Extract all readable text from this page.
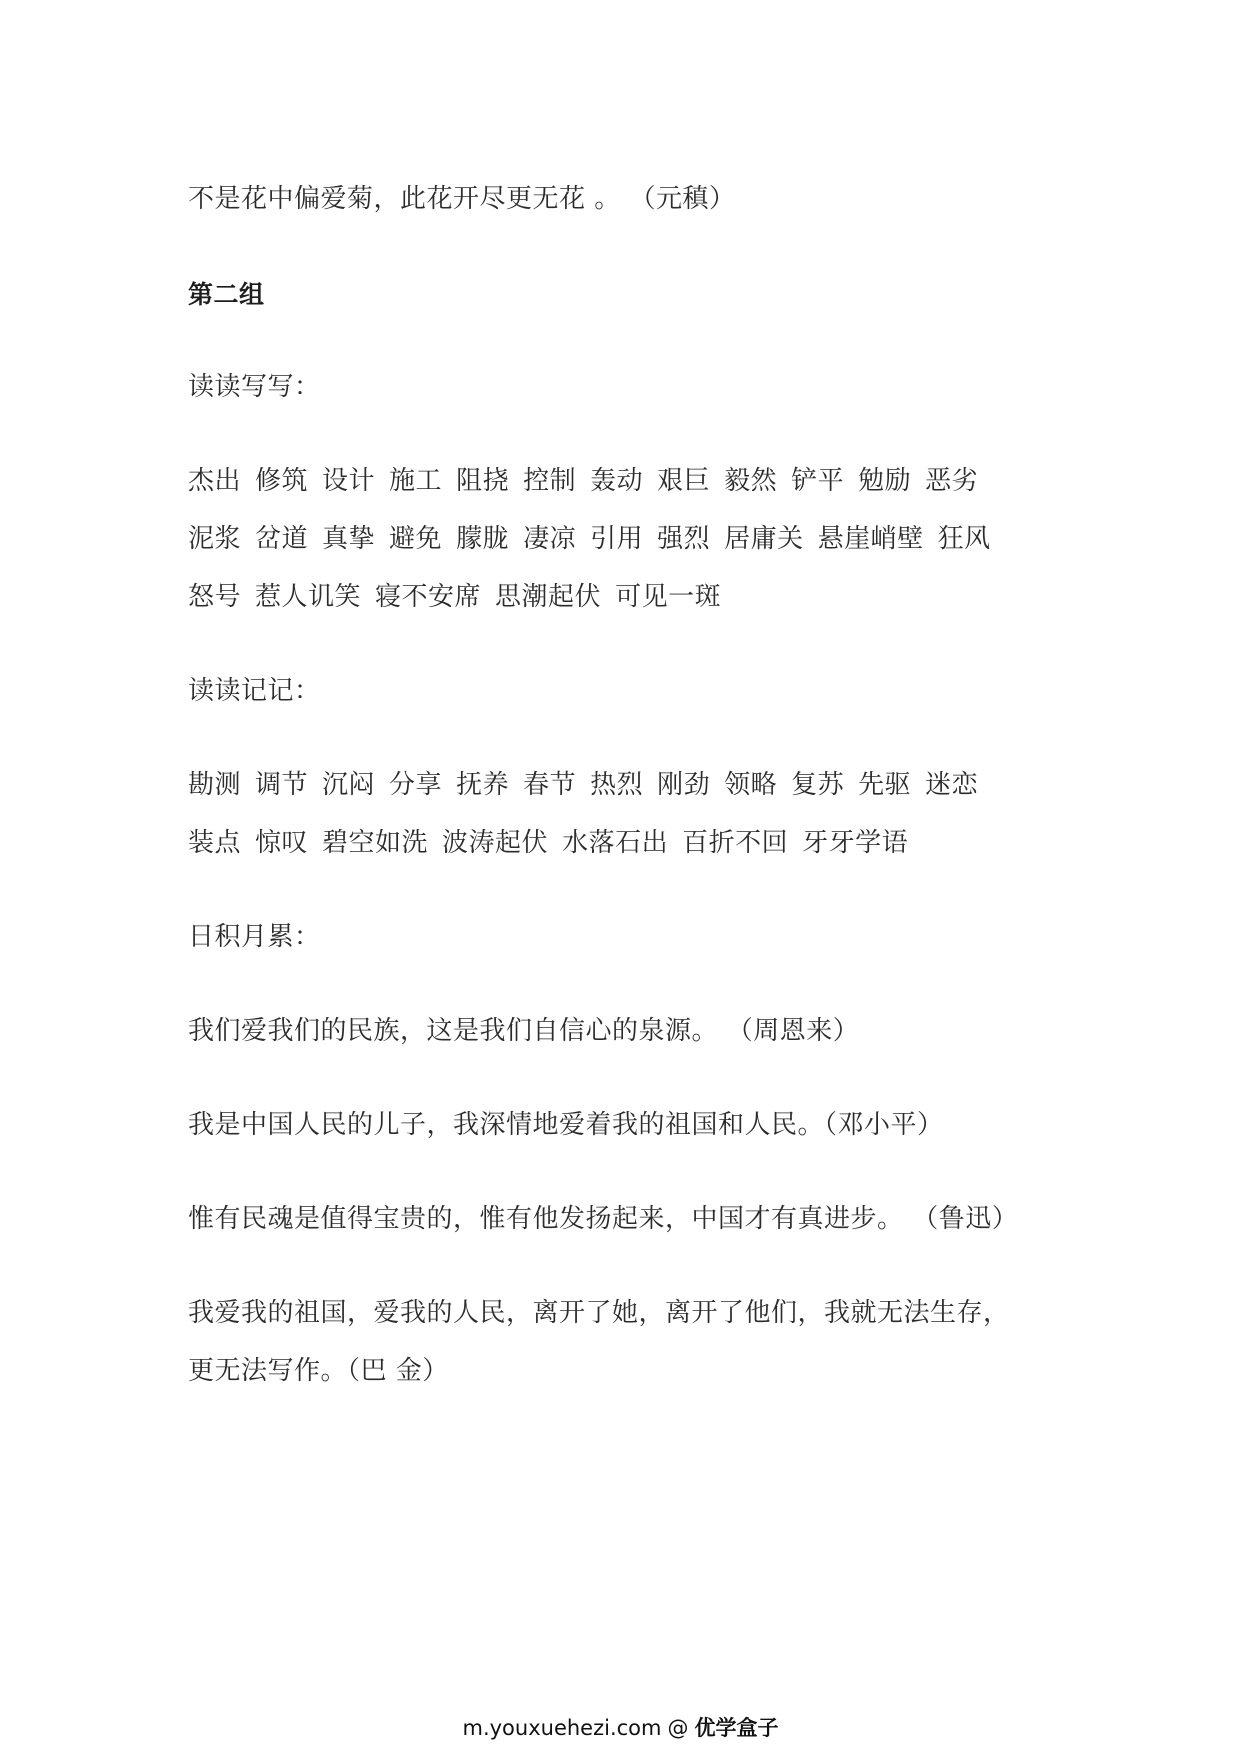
不是花中偏爱菊，此花开尽更无花 。 （元稹）
第二组
读读写写：
杰出 修筑 设计 施工 阻挠 控制 轰动 艰巨 毅然 铲平 勉励 恶劣
泥浆 岔道 真挚 避免 朦胧 凄凉 引用 强烈 居庸关 悬崖峭壁 狂风
怒号 惹人讥笑 寝不安席 思潮起伏 可见一斑
读读记记：
勘测 调节 沉闷 分享 抚养 春节 热烈 刚劲 领略 复苏 先驱 迷恋
装点 惊叹 碧空如洗 波涛起伏 水落石出 百折不回 牙牙学语
日积月累：
我们爱我们的民族，这是我们自信心的泉源。 （周恩来）
我是中国人民的儿子，我深情地爱着我的祖国和人民。（邓小平）
惟有民魂是值得宝贵的，惟有他发扬起来，中国才有真进步。 （鲁迅）
我爱我的祖国，爱我的人民，离开了她，离开了他们，我就无法生存，
更无法写作。（巴 金）
m.youxuehezi.com @ 优学盒子
